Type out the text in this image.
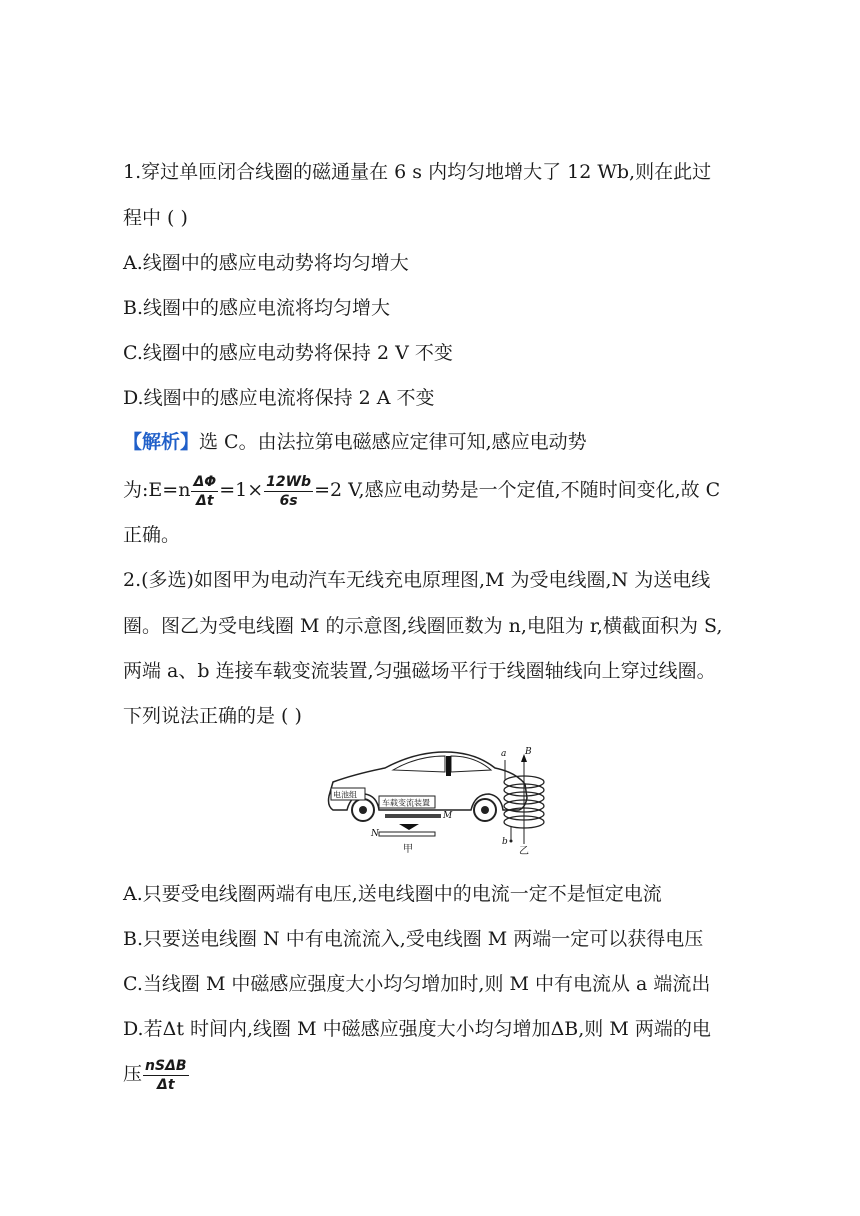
1.穿过单匝闭合线圈的磁通量在 6 s 内均匀地增大了 12 Wb,则在此过
程中 ( )
A.线圈中的感应电动势将均匀增大
B.线圈中的感应电流将均匀增大
C.线圈中的感应电动势将保持 2 V 不变
D.线圈中的感应电流将保持 2 A 不变
【解析】选 C。由法拉第电磁感应定律可知,感应电动势
为:E=n $\frac{\Delta\Phi}{\Delta t} =1\times \frac{12Wb}{6s} =2$ V,感应电动势是一个定值,不随时间变化,故 C
正确。
2.(多选)如图甲为电动汽车无线充电原理图,M 为受电线圈,N 为送电线
圈。图乙为受电线圈 M 的示意图,线圈匝数为 n,电阻为 r,横截面积为 S,
两端 a、b 连接车载变流装置,匀强磁场平行于线圈轴线向上穿过线圈。
下列说法正确的是 ( )
电池组
车载变流装置
M
N
甲
B
a
b
乙
A.只要受电线圈两端有电压,送电线圈中的电流一定不是恒定电流
B.只要送电线圈 N 中有电流流入,受电线圈 M 两端一定可以获得电压
C.当线圈 M 中磁感应强度大小均匀增加时,则 M 中有电流从 a 端流出
D.若Δt 时间内,线圈 M 中磁感应强度大小均匀增加ΔB,则 M 两端的电
压 $\frac{\text{nSΔB}}{\Delta t}$
